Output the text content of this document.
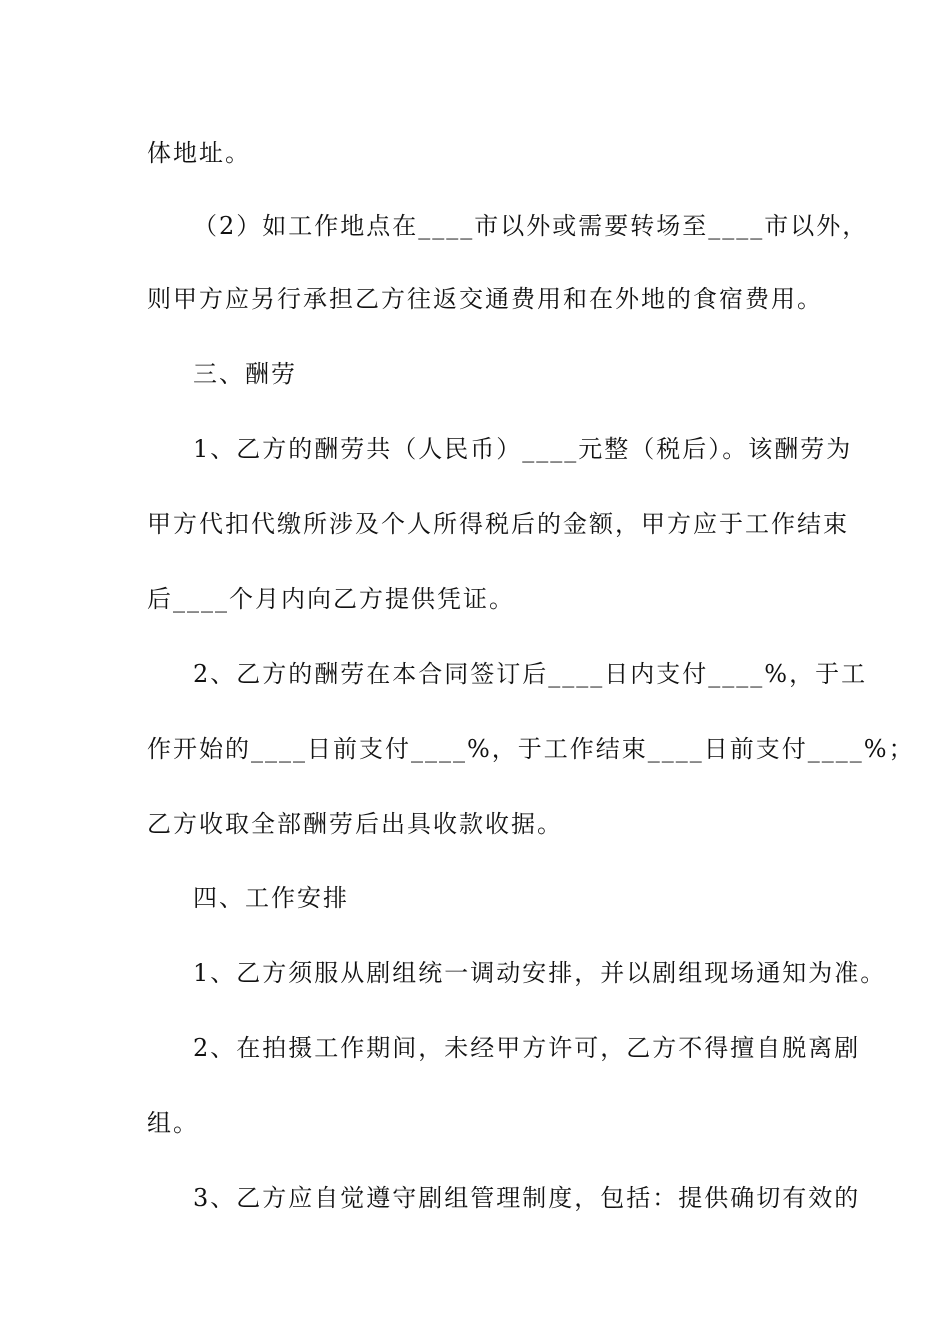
体地址。
（2）如工作地点在____市以外或需要转场至____市以外，
则甲方应另行承担乙方往返交通费用和在外地的食宿费用。
三、酬劳
1、乙方的酬劳共（人民币）____元整（税后）。该酬劳为
甲方代扣代缴所涉及个人所得税后的金额，甲方应于工作结束
后____个月内向乙方提供凭证。
2、乙方的酬劳在本合同签订后____日内支付____%，于工
作开始的____日前支付____%，于工作结束____日前支付____%；
乙方收取全部酬劳后出具收款收据。
四、工作安排
1、乙方须服从剧组统一调动安排，并以剧组现场通知为准。
2、在拍摄工作期间，未经甲方许可，乙方不得擅自脱离剧
组。
3、乙方应自觉遵守剧组管理制度，包括：提供确切有效的
